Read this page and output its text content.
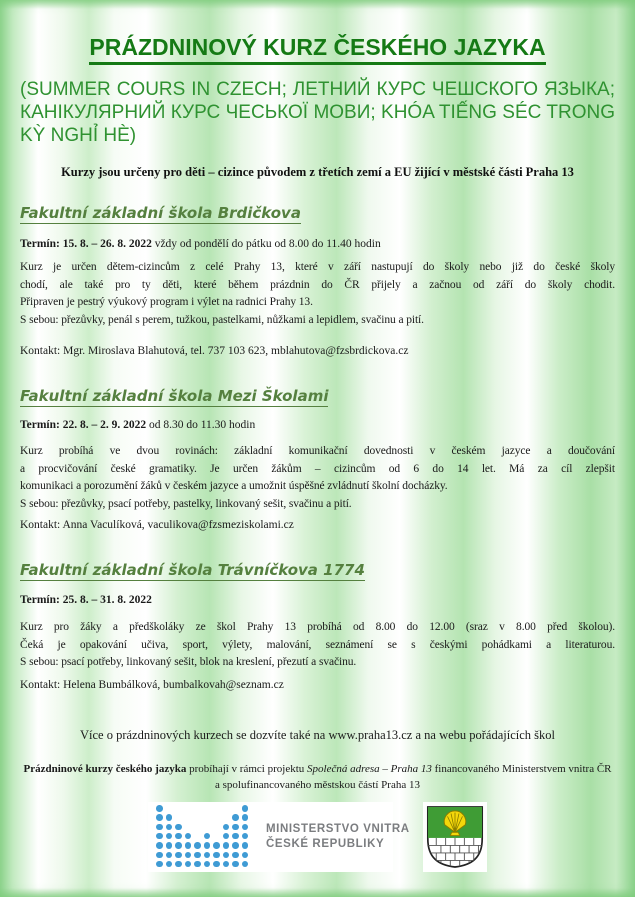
PRÁZDNINOVÝ KURZ ČESKÉHO JAZYKA
(SUMMER COURS IN CZECH; ЛЕТНИЙ КУРС ЧЕШСКОГО ЯЗЫКА;
КАНІКУЛЯРНИЙ КУРС ЧЕСЬКОЇ МОВИ; KHÓA TIẾNG SÉC TRONG
KỲ NGHỈ HÈ)
Kurzy jsou určeny pro děti – cizince původem z třetích zemí a EU žijící v městské části Praha 13
Fakultní základní škola Brdičkova
Termín: 15. 8. – 26. 8. 2022 vždy od pondělí do pátku od 8.00 do 11.40 hodin
Kurz je určen dětem-cizincům z celé Prahy 13, které v září nastupují do školy nebo již do české školy
chodí, ale také pro ty děti, které během prázdnin do ČR přijely a začnou od září do školy chodit.
Připraven je pestrý výukový program i výlet na radnici Prahy 13.
S sebou: přezůvky, penál s perem, tužkou, pastelkami, nůžkami a lepidlem, svačinu a pití.
Kontakt: Mgr. Miroslava Blahutová, tel. 737 103 623, mblahutova@fzsbrdickova.cz
Fakultní základní škola Mezi Školami
Termín: 22. 8. – 2. 9. 2022 od 8.30 do 11.30 hodin
Kurz probíhá ve dvou rovinách: základní komunikační dovednosti v českém jazyce a doučování
a procvičování české gramatiky. Je určen žákům – cizincům od 6 do 14 let. Má za cíl zlepšit
komunikaci a porozumění žáků v českém jazyce a umožnit úspěšné zvládnutí školní docházky.
S sebou: přezůvky, psací potřeby, pastelky, linkovaný sešit, svačinu a pití.
Kontakt: Anna Vaculíková, vaculikova@fzsmeziskolami.cz
Fakultní základní škola Trávníčkova 1774
Termín: 25. 8. – 31. 8. 2022
Kurz pro žáky a předškoláky ze škol Prahy 13 probíhá od 8.00 do 12.00 (sraz v 8.00 před školou).
Čeká je opakování učiva, sport, výlety, malování, seznámení se s českými pohádkami a literaturou.
S sebou: psací potřeby, linkovaný sešit, blok na kreslení, přezutí a svačinu.
Kontakt: Helena Bumbálková, bumbalkovah@seznam.cz
Více o prázdninových kurzech se dozvíte také na www.praha13.cz a na webu pořádajících škol
Prázdninové kurzy českého jazyka probíhají v rámci projektu Společná adresa – Praha 13 financovaného Ministerstvem vnitra ČR a spolufinancovaného městskou částí Praha 13
MINISTERSTVO VNITRA
ČESKÉ REPUBLIKY
